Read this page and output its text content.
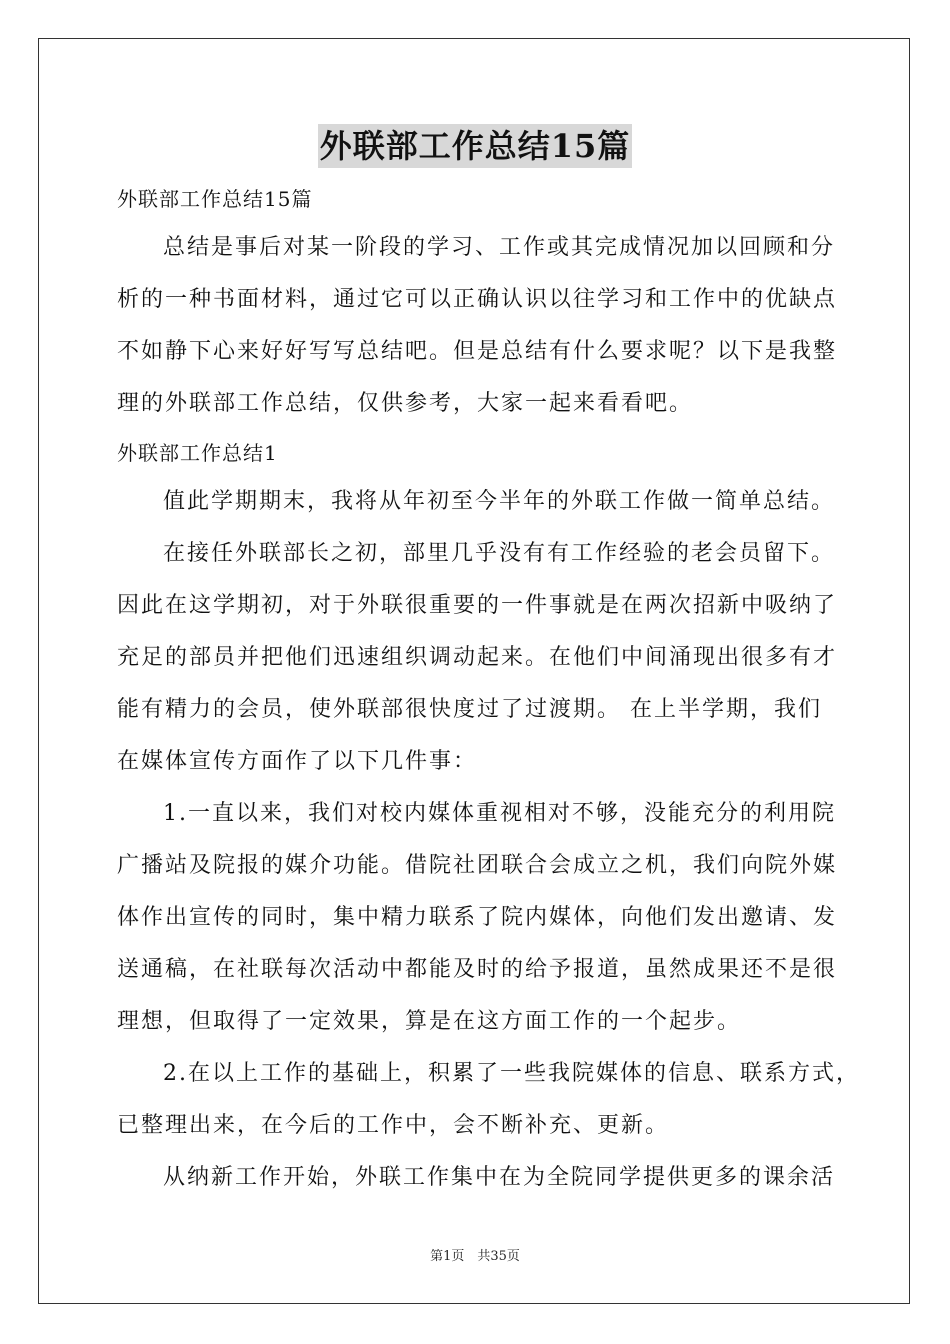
外联部工作总结15篇
外联部工作总结15篇
总结是事后对某一阶段的学习、工作或其完成情况加以回顾和分
析的一种书面材料，通过它可以正确认识以往学习和工作中的优缺点
不如静下心来好好写写总结吧。但是总结有什么要求呢？以下是我整
理的外联部工作总结，仅供参考，大家一起来看看吧。
外联部工作总结1
值此学期期末，我将从年初至今半年的外联工作做一简单总结。
在接任外联部长之初，部里几乎没有有工作经验的老会员留下。
因此在这学期初，对于外联很重要的一件事就是在两次招新中吸纳了
充足的部员并把他们迅速组织调动起来。在他们中间涌现出很多有才
能有精力的会员，使外联部很快度过了过渡期。 在上半学期，我们
在媒体宣传方面作了以下几件事：
1.一直以来，我们对校内媒体重视相对不够，没能充分的利用院
广播站及院报的媒介功能。借院社团联合会成立之机，我们向院外媒
体作出宣传的同时，集中精力联系了院内媒体，向他们发出邀请、发
送通稿，在社联每次活动中都能及时的给予报道，虽然成果还不是很
理想，但取得了一定效果，算是在这方面工作的一个起步。
2.在以上工作的基础上，积累了一些我院媒体的信息、联系方式，
已整理出来，在今后的工作中，会不断补充、更新。
从纳新工作开始，外联工作集中在为全院同学提供更多的课余活
第1页　共35页
